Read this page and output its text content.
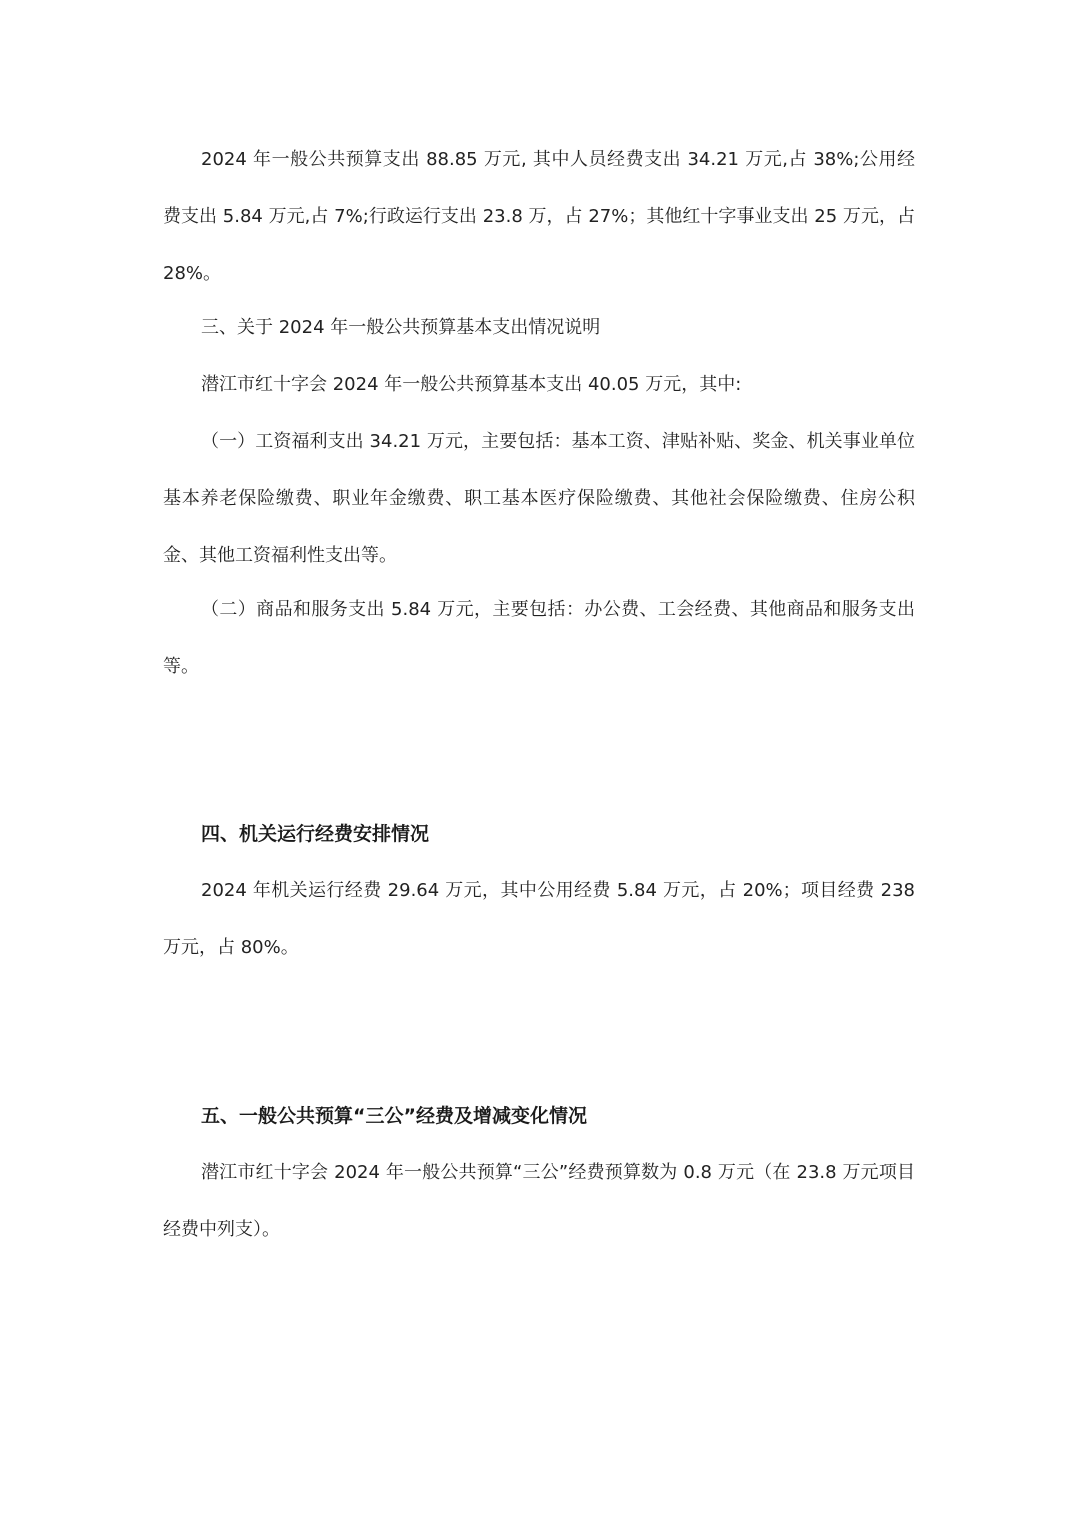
2024 年一般公共预算支出 88.85 万元, 其中人员经费支出 34.21 万元,占 38%;公用经费支出 5.84 万元,占 7%;行政运行支出 23.8 万，占 27%；其他红十字事业支出 25 万元，占 28%。

三、关于 2024 年一般公共预算基本支出情况说明

潜江市红十字会 2024 年一般公共预算基本支出 40.05 万元，其中:

（一）工资福利支出 34.21 万元，主要包括：基本工资、津贴补贴、奖金、机关事业单位基本养老保险缴费、职业年金缴费、职工基本医疗保险缴费、其他社会保险缴费、住房公积金、其他工资福利性支出等。

（二）商品和服务支出 5.84 万元，主要包括：办公费、工会经费、其他商品和服务支出等。

四、机关运行经费安排情况

2024 年机关运行经费 29.64 万元，其中公用经费 5.84 万元，占 20%；项目经费 238 万元，占 80%。

五、一般公共预算“三公”经费及增减变化情况

潜江市红十字会 2024 年一般公共预算“三公”经费预算数为 0.8 万元（在 23.8 万元项目经费中列支）。
